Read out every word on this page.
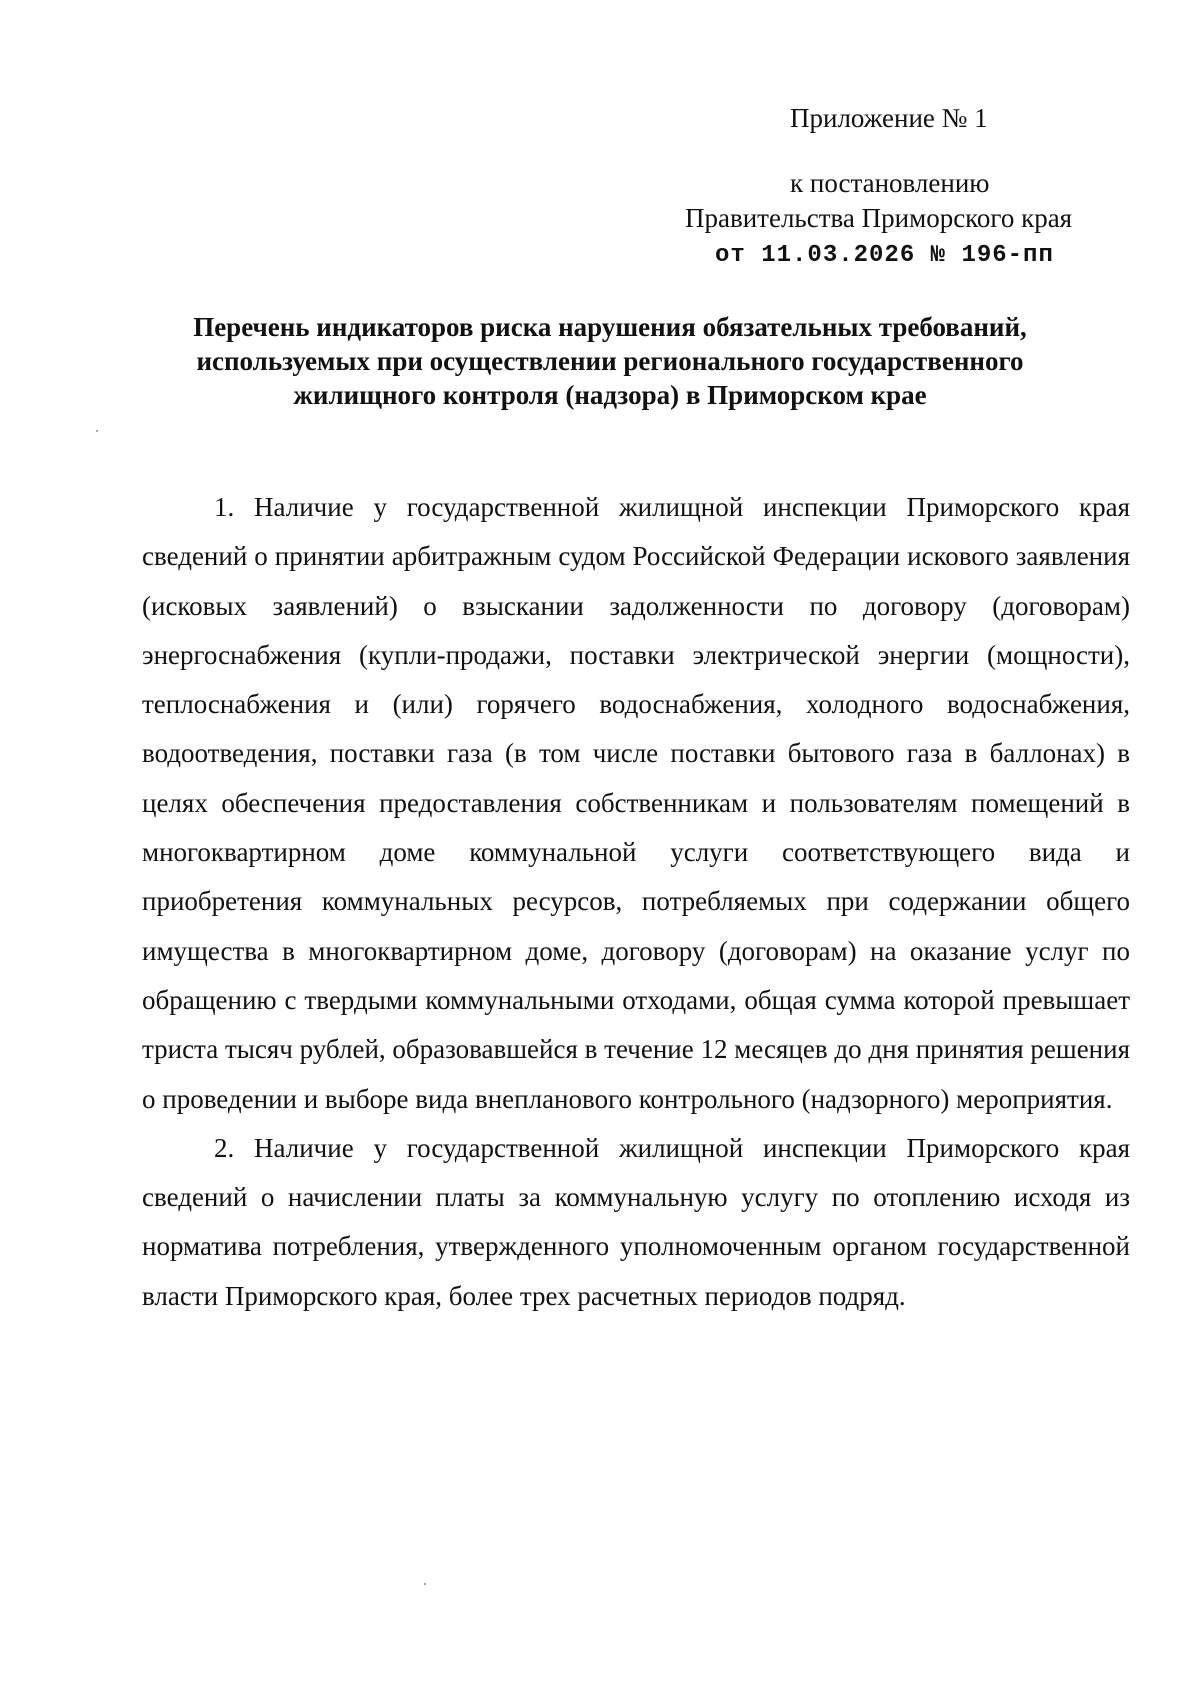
Приложение № 1
к постановлению
Правительства Приморского края
от 11.03.2026 № 196-пп
Перечень индикаторов риска нарушения обязательных требований,
используемых при осуществлении регионального государственного
жилищного контроля (надзора) в Приморском крае

1. Наличие у государственной жилищной инспекции Приморского края сведений о принятии арбитражным судом Российской Федерации искового заявления (исковых заявлений) о взыскании задолженности по договору (договорам) энергоснабжения (купли-продажи, поставки электрической энергии (мощности), теплоснабжения и (или) горячего водоснабжения, холодного водоснабжения, водоотведения, поставки газа (в том числе поставки бытового газа в баллонах) в целях обеспечения предоставления собственникам и пользователям помещений в многоквартирном доме коммунальной услуги соответствующего вида и приобретения коммунальных ресурсов, потребляемых при содержании общего имущества в многоквартирном доме, договору (договорам) на оказание услуг по обращению с твердыми коммунальными отходами, общая сумма которой превышает триста тысяч рублей, образовавшейся в течение 12 месяцев до дня принятия решения о проведении и выборе вида внепланового контрольного (надзорного) мероприятия.

2. Наличие у государственной жилищной инспекции Приморского края сведений о начислении платы за коммунальную услугу по отоплению исходя из норматива потребления, утвержденного уполномоченным органом государственной власти Приморского края, более трех расчетных периодов подряд.
